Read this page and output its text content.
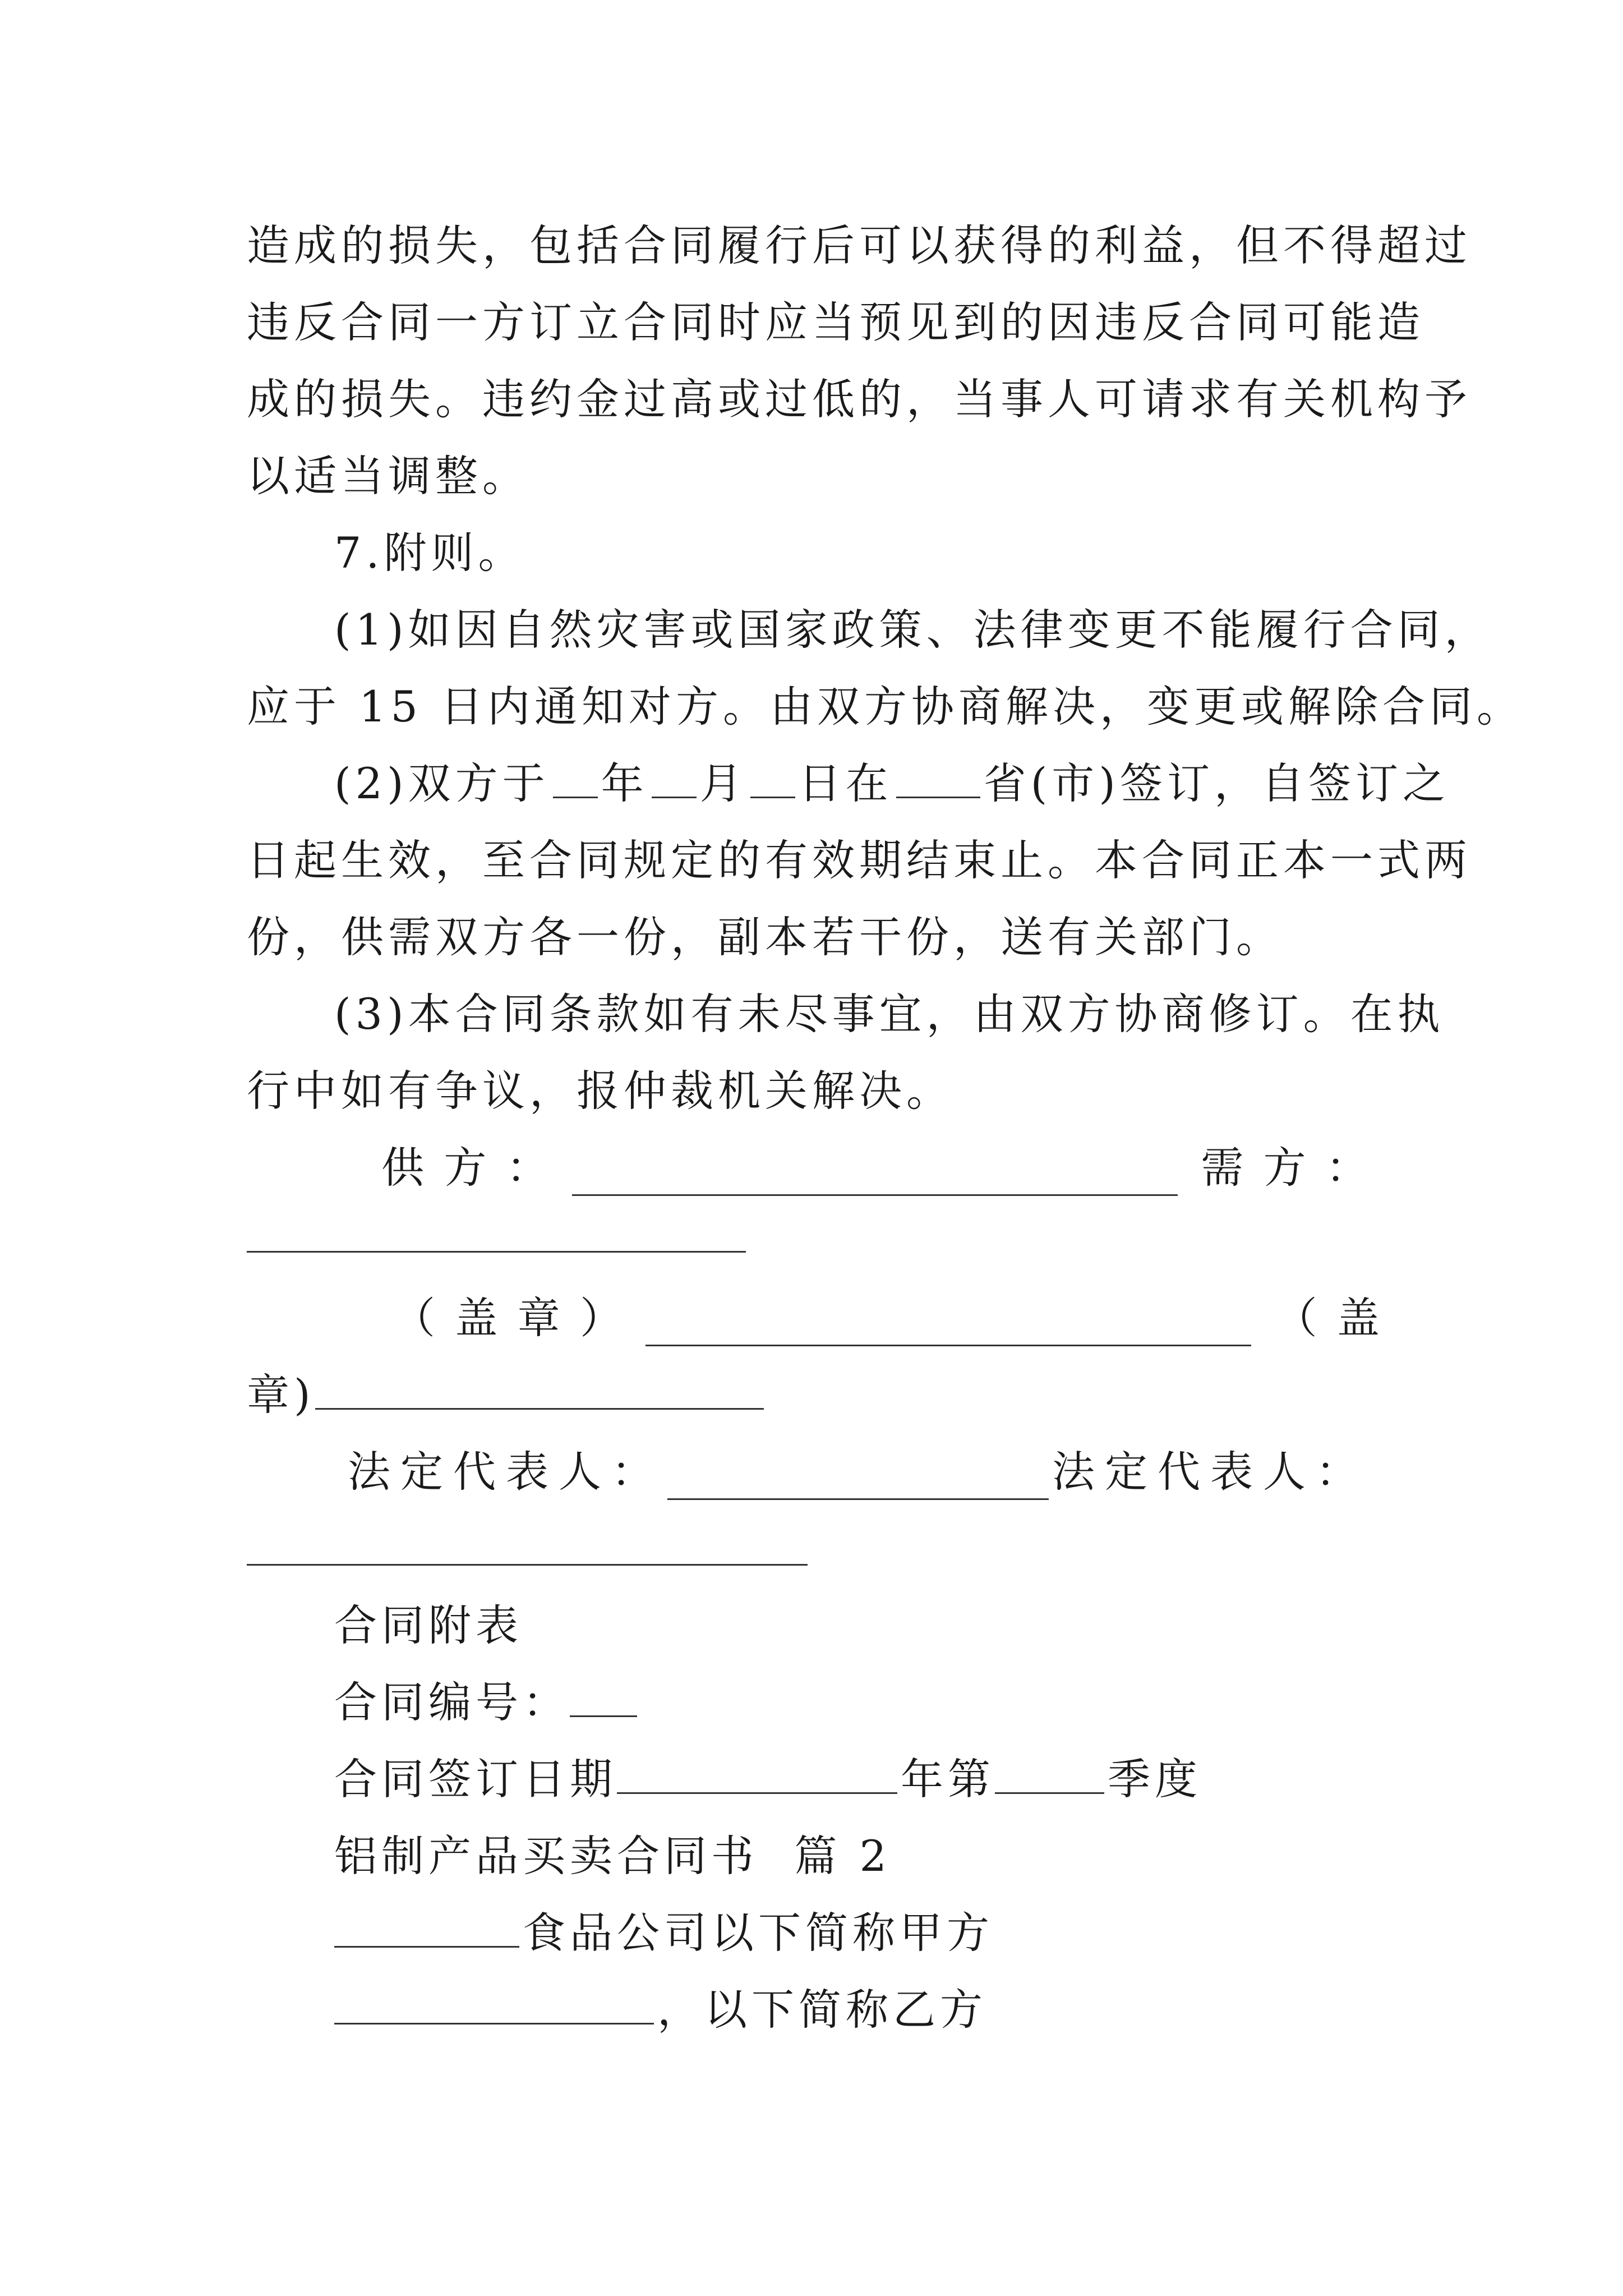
造成的损失，包括合同履行后可以获得的利益，但不得超过
违反合同一方订立合同时应当预见到的因违反合同可能造
成的损失。违约金过高或过低的，当事人可请求有关机构予
以适当调整。
7.附则。
(1)如因自然灾害或国家政策、法律变更不能履行合同，
应于 15 日内通知对方。由双方协商解决，变更或解除合同。
(2)双方于 年 月 日在 省(市)签订，自签订之
日起生效，至合同规定的有效期结束止。本合同正本一式两
份，供需双方各一份，副本若干份，送有关部门。
(3)本合同条款如有未尽事宜，由双方协商修订。在执
行中如有争议，报仲裁机关解决。
供 方 ：	需 方 ：
（ 盖 章 ）	（ 盖
章)
法定代表人：	法定代表人：
合同附表
合同编号：
合同签订日期	年第	季度
铝制产品买卖合同书  篇 2
食品公司以下简称甲方
，以下简称乙方
